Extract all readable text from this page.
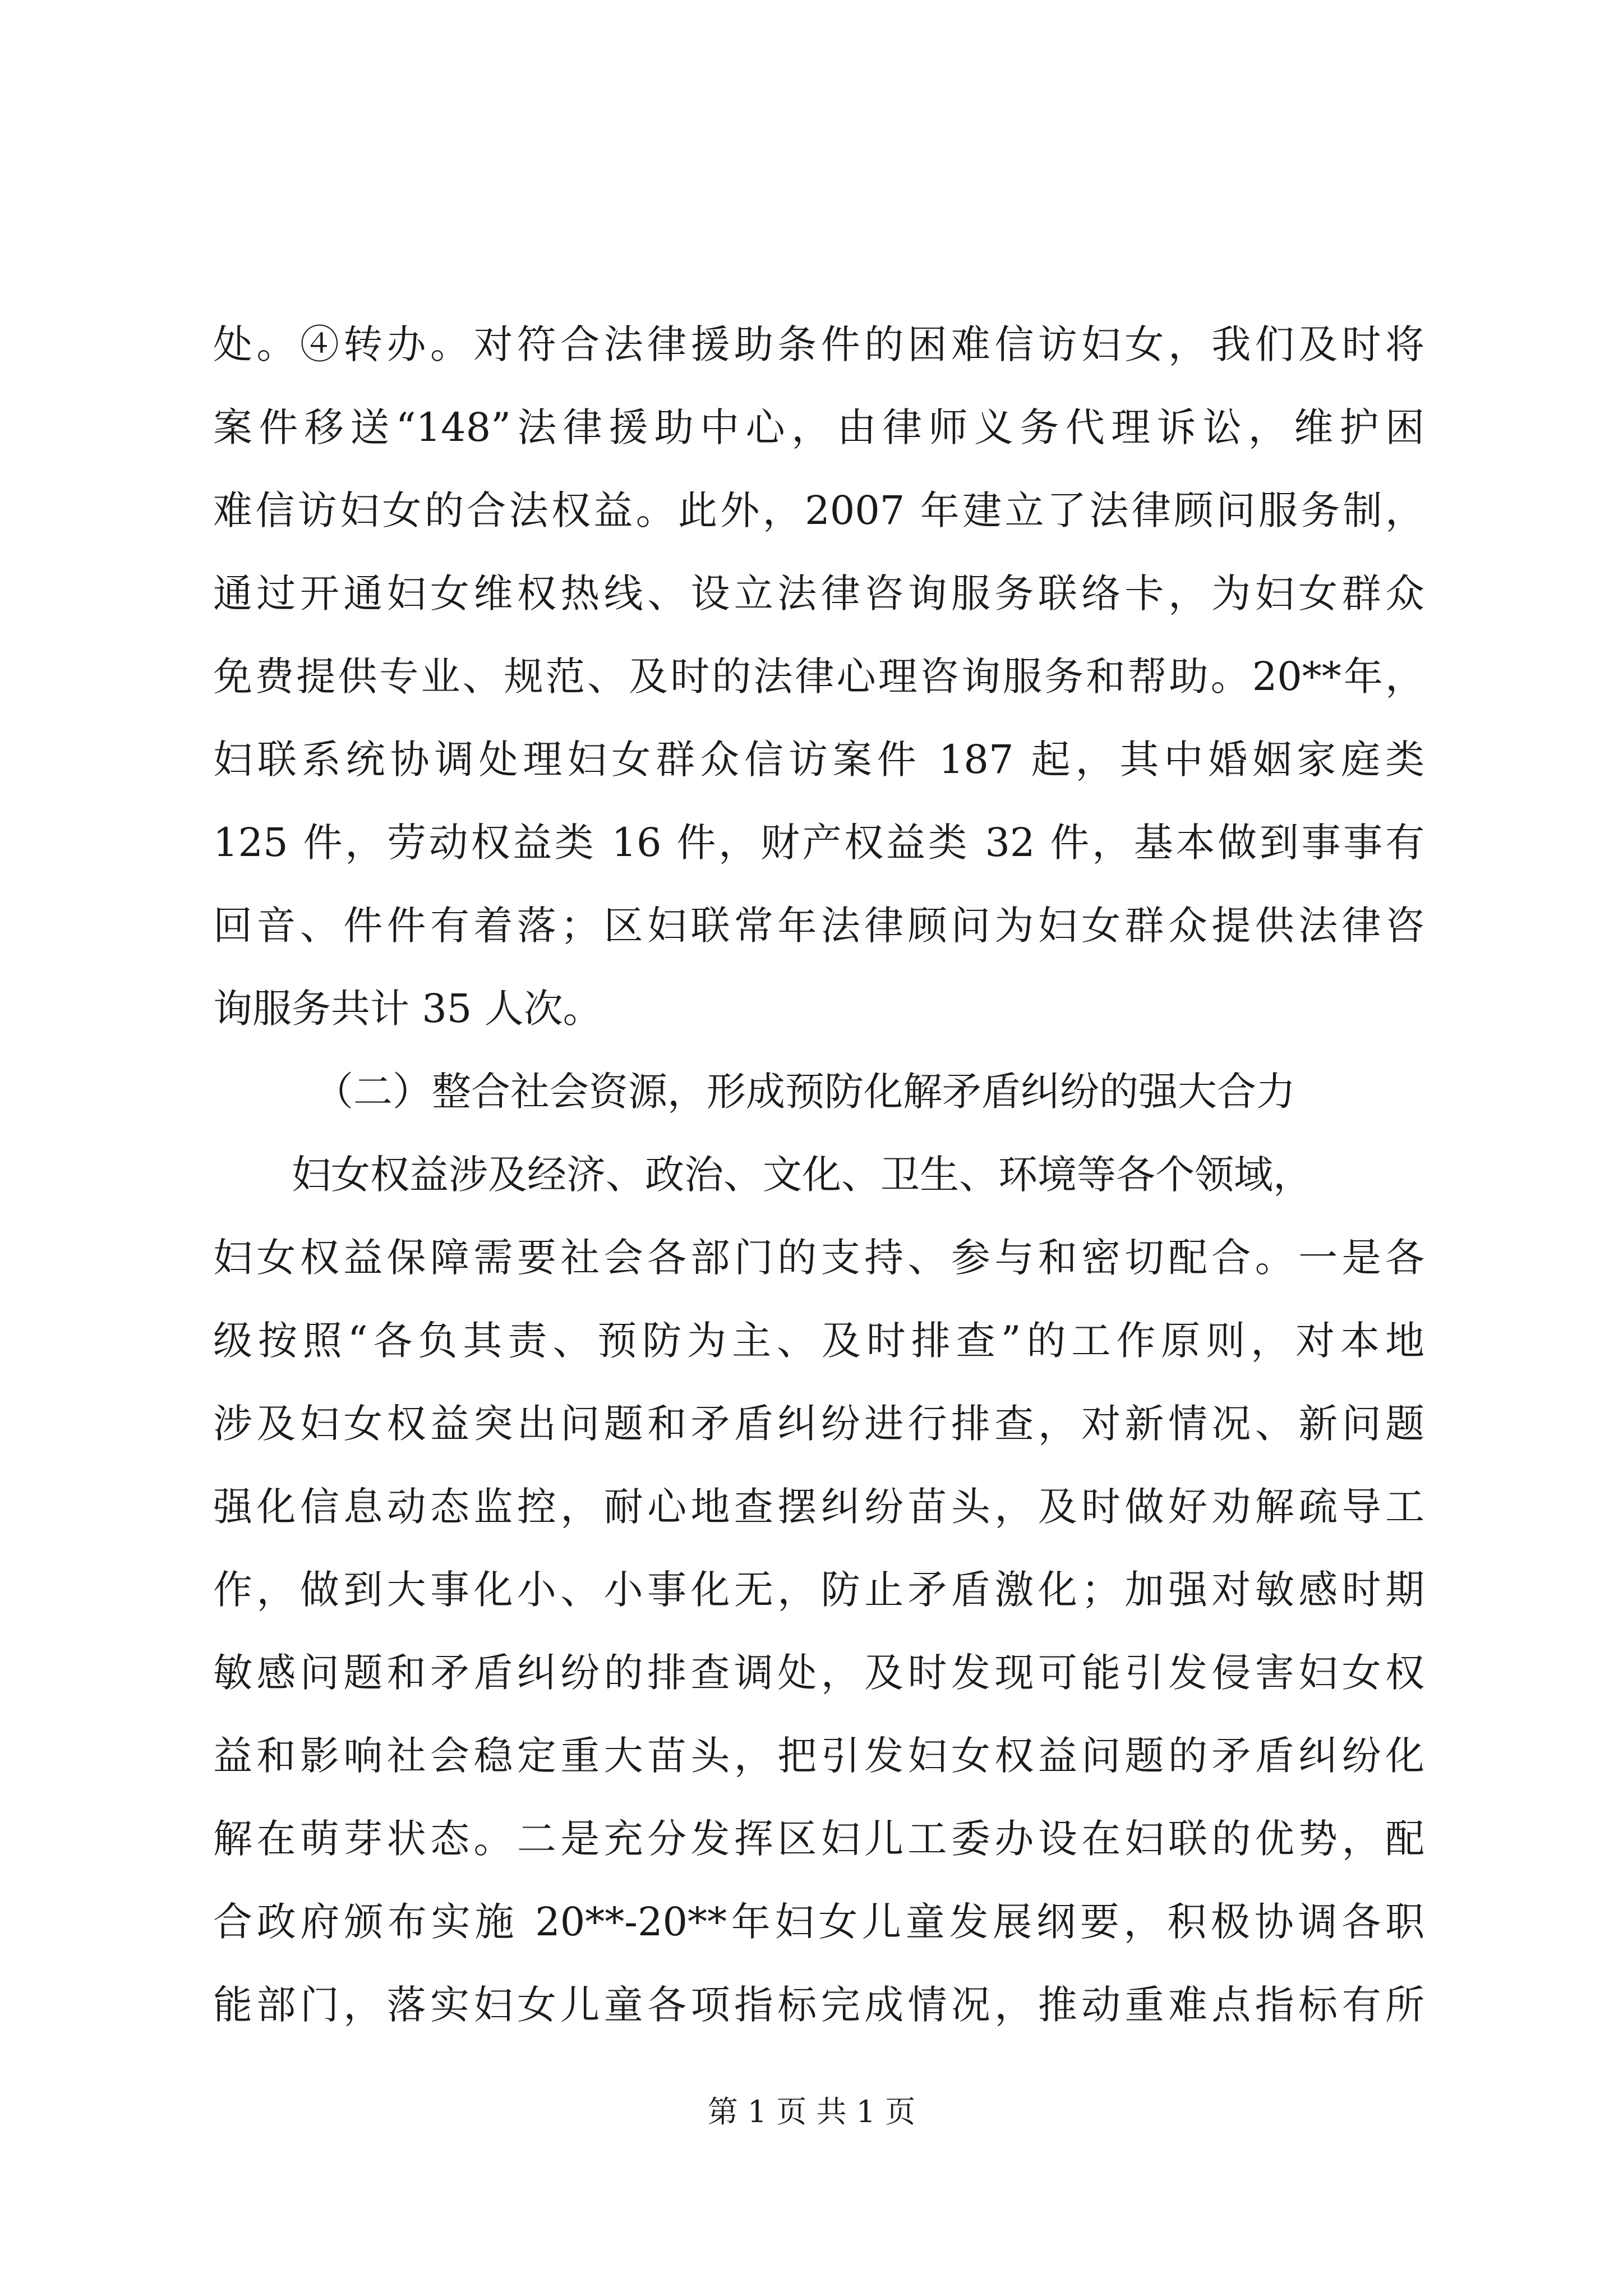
处。④转办。对符合法律援助条件的困难信访妇女，我们及时将
案件移送“148”法律援助中心，由律师义务代理诉讼，维护困
难信访妇女的合法权益。此外，2007 年建立了法律顾问服务制，
通过开通妇女维权热线、设立法律咨询服务联络卡，为妇女群众
免费提供专业、规范、及时的法律心理咨询服务和帮助。20**年，
妇联系统协调处理妇女群众信访案件 187 起，其中婚姻家庭类
125 件，劳动权益类 16 件，财产权益类 32 件，基本做到事事有
回音、件件有着落；区妇联常年法律顾问为妇女群众提供法律咨
询服务共计 35 人次。
（二）整合社会资源，形成预防化解矛盾纠纷的强大合力
妇女权益涉及经济、政治、文化、卫生、环境等各个领域，
妇女权益保障需要社会各部门的支持、参与和密切配合。一是各
级按照“各负其责、预防为主、及时排查”的工作原则，对本地
涉及妇女权益突出问题和矛盾纠纷进行排查，对新情况、新问题
强化信息动态监控，耐心地查摆纠纷苗头，及时做好劝解疏导工
作，做到大事化小、小事化无，防止矛盾激化；加强对敏感时期
敏感问题和矛盾纠纷的排查调处，及时发现可能引发侵害妇女权
益和影响社会稳定重大苗头，把引发妇女权益问题的矛盾纠纷化
解在萌芽状态。二是充分发挥区妇儿工委办设在妇联的优势，配
合政府颁布实施 20**-20**年妇女儿童发展纲要，积极协调各职
能部门，落实妇女儿童各项指标完成情况，推动重难点指标有所
第 1 页 共 1 页
